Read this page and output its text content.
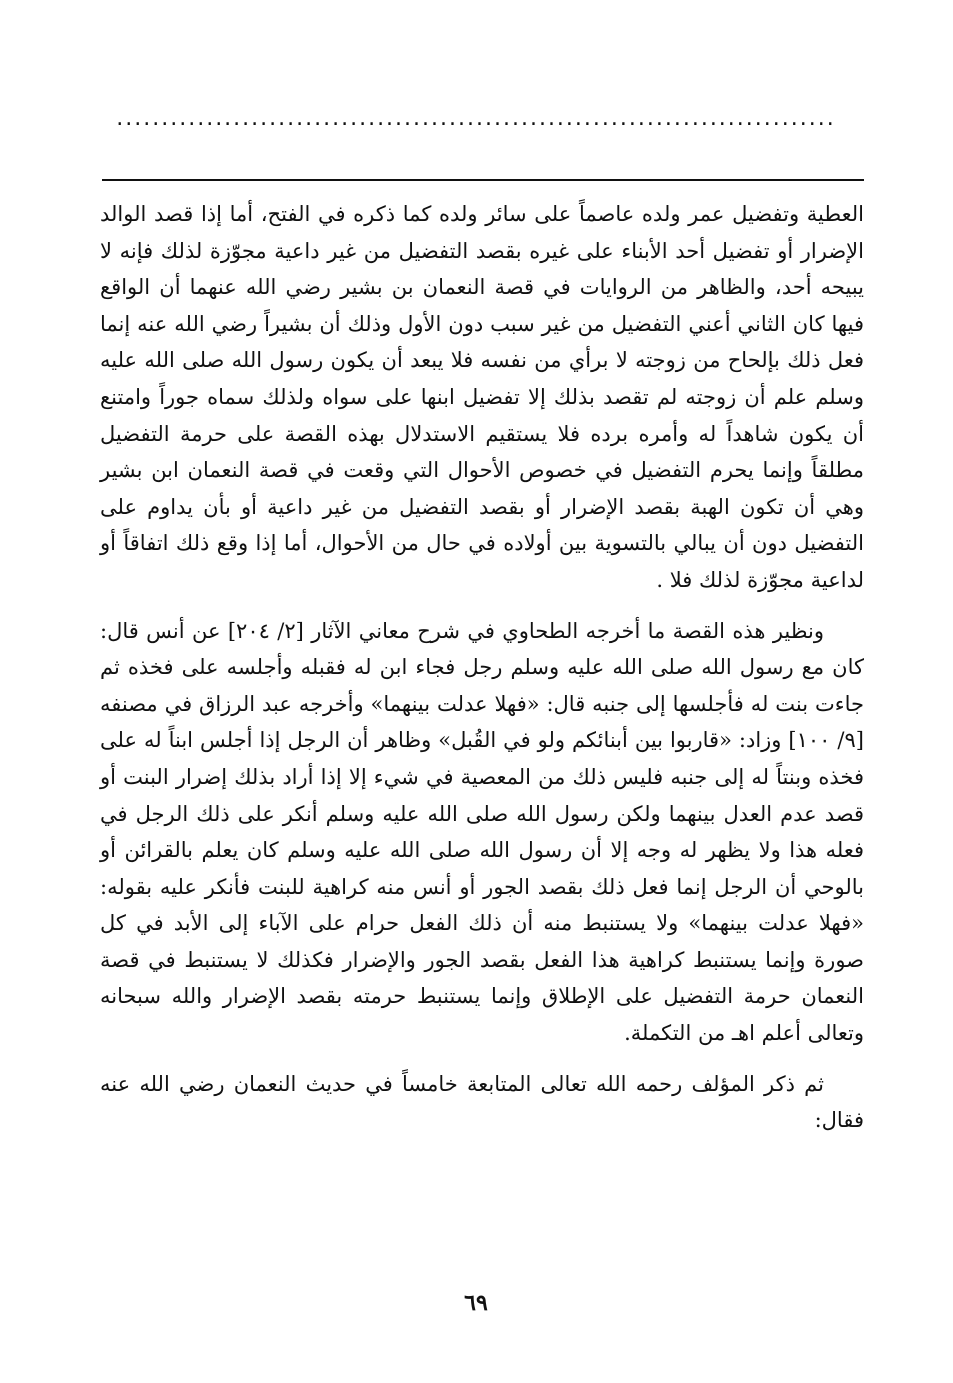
................................................................................

العطية وتفضيل عمر ولده عاصماً على سائر ولده كما ذكره في الفتح، أما إذا قصد الوالد الإضرار أو تفضيل أحد الأبناء على غيره بقصد التفضيل من غير داعية مجوّزة لذلك فإنه لا يبيحه أحد، والظاهر من الروايات في قصة النعمان بن بشير رضي الله عنهما أن الواقع فيها كان الثاني أعني التفضيل من غير سبب دون الأول وذلك أن بشيراً رضي الله عنه إنما فعل ذلك بإلحاح من زوجته لا برأي من نفسه فلا يبعد أن يكون رسول الله صلى الله عليه وسلم علم أن زوجته لم تقصد بذلك إلا تفضيل ابنها على سواه ولذلك سماه جوراً وامتنع أن يكون شاهداً له وأمره برده فلا يستقيم الاستدلال بهذه القصة على حرمة التفضيل مطلقاً وإنما يحرم التفضيل في خصوص الأحوال التي وقعت في قصة النعمان ابن بشير وهي أن تكون الهبة بقصد الإضرار أو بقصد التفضيل من غير داعية أو بأن يداوم على التفضيل دون أن يبالي بالتسوية بين أولاده في حال من الأحوال، أما إذا وقع ذلك اتفاقاً أو لداعية مجوّزة لذلك فلا .

ونظير هذه القصة ما أخرجه الطحاوي في شرح معاني الآثار [٢/ ٢٠٤] عن أنس قال: كان مع رسول الله صلى الله عليه وسلم رجل فجاء ابن له فقبله وأجلسه على فخذه ثم جاءت بنت له فأجلسها إلى جنبه قال: «فهلا عدلت بينهما» وأخرجه عبد الرزاق في مصنفه [٩/ ١٠٠] وزاد: «قاربوا بين أبنائكم ولو في القُبل» وظاهر أن الرجل إذا أجلس ابناً له على فخذه وبنتاً له إلى جنبه فليس ذلك من المعصية في شيء إلا إذا أراد بذلك إضرار البنت أو قصد عدم العدل بينهما ولكن رسول الله صلى الله عليه وسلم أنكر على ذلك الرجل في فعله هذا ولا يظهر له وجه إلا أن رسول الله صلى الله عليه وسلم كان يعلم بالقرائن أو بالوحي أن الرجل إنما فعل ذلك بقصد الجور أو أنس منه كراهية للبنت فأنكر عليه بقوله: «فهلا عدلت بينهما» ولا يستنبط منه أن ذلك الفعل حرام على الآباء إلى الأبد في كل صورة وإنما يستنبط كراهية هذا الفعل بقصد الجور والإضرار فكذلك لا يستنبط في قصة النعمان حرمة التفضيل على الإطلاق وإنما يستنبط حرمته بقصد الإضرار والله سبحانه وتعالى أعلم اهـ من التكملة.

ثم ذكر المؤلف رحمه الله تعالى المتابعة خامساً في حديث النعمان رضي الله عنه فقال:

٦٩
